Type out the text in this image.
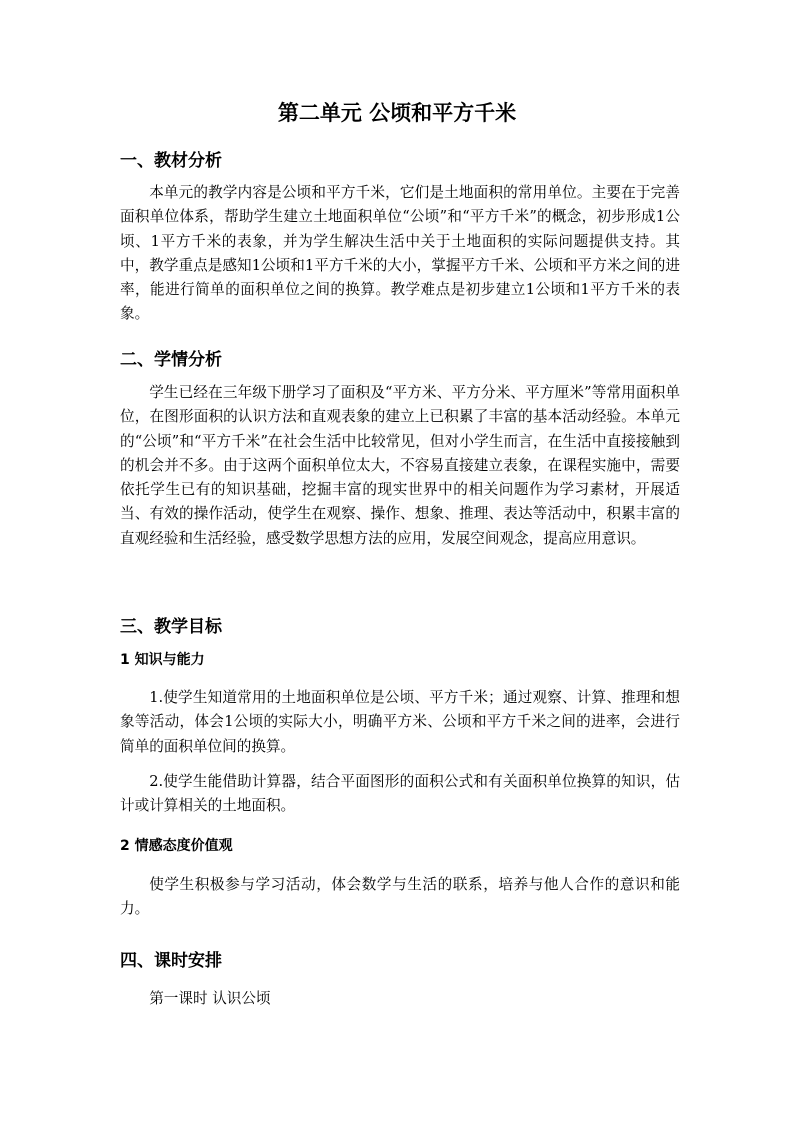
第二单元 公顷和平方千米
一、教材分析

本单元的教学内容是公顷和平方千米，它们是土地面积的常用单位。主要在于完善面积单位体系，帮助学生建立土地面积单位“公顷”和“平方千米”的概念，初步形成1公顷、1平方千米的表象，并为学生解决生活中关于土地面积的实际问题提供支持。其中，教学重点是感知1公顷和1平方千米的大小，掌握平方千米、公顷和平方米之间的进率，能进行简单的面积单位之间的换算。教学难点是初步建立1公顷和1平方千米的表象。

二、学情分析

学生已经在三年级下册学习了面积及“平方米、平方分米、平方厘米”等常用面积单位，在图形面积的认识方法和直观表象的建立上已积累了丰富的基本活动经验。本单元的“公顷”和“平方千米”在社会生活中比较常见，但对小学生而言，在生活中直接接触到的机会并不多。由于这两个面积单位太大，不容易直接建立表象，在课程实施中，需要依托学生已有的知识基础，挖掘丰富的现实世界中的相关问题作为学习素材，开展适当、有效的操作活动，使学生在观察、操作、想象、推理、表达等活动中，积累丰富的直观经验和生活经验，感受数学思想方法的应用，发展空间观念，提高应用意识。

三、教学目标
1 知识与能力

1.使学生知道常用的土地面积单位是公顷、平方千米；通过观察、计算、推理和想象等活动，体会1公顷的实际大小，明确平方米、公顷和平方千米之间的进率，会进行简单的面积单位间的换算。

2.使学生能借助计算器，结合平面图形的面积公式和有关面积单位换算的知识，估计或计算相关的土地面积。

2 情感态度价值观

使学生积极参与学习活动，体会数学与生活的联系，培养与他人合作的意识和能力。

四、课时安排

第一课时 认识公顷
